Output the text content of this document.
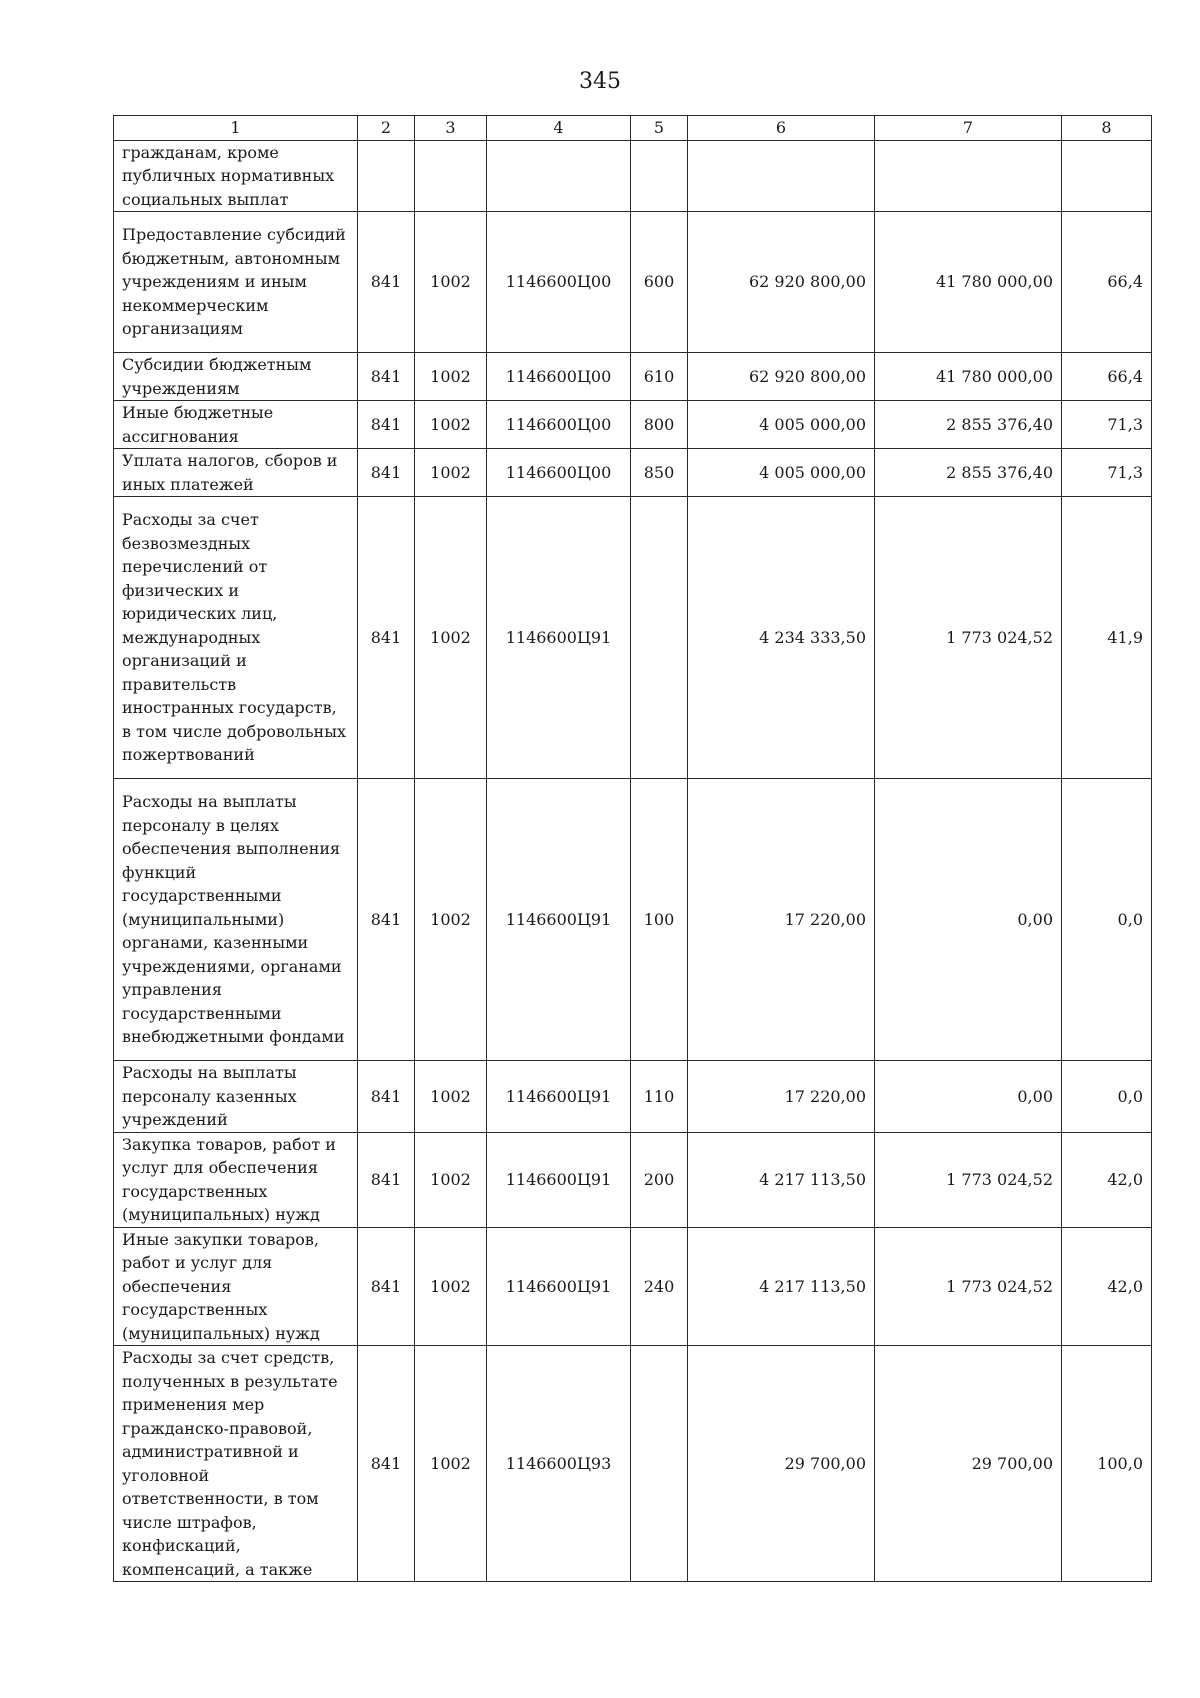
345
1	2	3	4	5	6	7	8
гражданам, кроме публичных нормативных социальных выплат							
Предоставление субсидий бюджетным, автономным учреждениям и иным некоммерческим организациям	841	1002	1146600Ц00	600	62 920 800,00	41 780 000,00	66,4
Субсидии бюджетным учреждениям	841	1002	1146600Ц00	610	62 920 800,00	41 780 000,00	66,4
Иные бюджетные ассигнования	841	1002	1146600Ц00	800	4 005 000,00	2 855 376,40	71,3
Уплата налогов, сборов и иных платежей	841	1002	1146600Ц00	850	4 005 000,00	2 855 376,40	71,3
Расходы за счет безвозмездных перечислений от физических и юридических лиц, международных организаций и правительств иностранных государств, в том числе добровольных пожертвований	841	1002	1146600Ц91		4 234 333,50	1 773 024,52	41,9
Расходы на выплаты персоналу в целях обеспечения выполнения функций государственными (муниципальными) органами, казенными учреждениями, органами управления государственными внебюджетными фондами	841	1002	1146600Ц91	100	17 220,00	0,00	0,0
Расходы на выплаты персоналу казенных учреждений	841	1002	1146600Ц91	110	17 220,00	0,00	0,0
Закупка товаров, работ и услуг для обеспечения государственных (муниципальных) нужд	841	1002	1146600Ц91	200	4 217 113,50	1 773 024,52	42,0
Иные закупки товаров, работ и услуг для обеспечения государственных (муниципальных) нужд	841	1002	1146600Ц91	240	4 217 113,50	1 773 024,52	42,0
Расходы за счет средств, полученных в результате применения мер гражданско-правовой, административной и уголовной ответственности, в том числе штрафов, конфискаций, компенсаций, а также	841	1002	1146600Ц93		29 700,00	29 700,00	100,0
